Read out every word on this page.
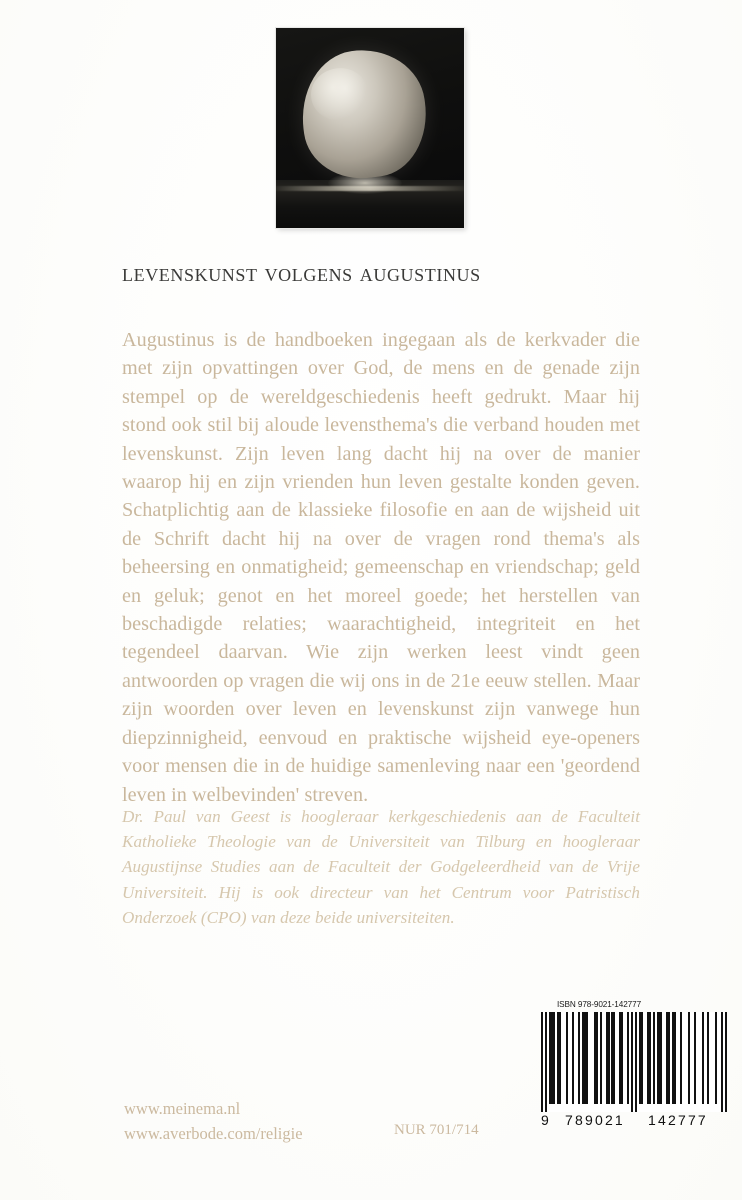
levenskunst volgens augustinus
Augustinus is de handboeken ingegaan als de kerkvader die met zijn opvattingen over God, de mens en de genade zijn stempel op de wereldgeschiedenis heeft gedrukt. Maar hij stond ook stil bij aloude levensthema's die verband houden met levenskunst. Zijn leven lang dacht hij na over de manier waarop hij en zijn vrienden hun leven gestalte konden geven. Schatplichtig aan de klassieke filosofie en aan de wijsheid uit de Schrift dacht hij na over de vragen rond thema's als beheersing en onmatigheid; gemeenschap en vriendschap; geld en geluk; genot en het moreel goede; het herstellen van beschadigde relaties; waarachtigheid, integriteit en het tegendeel daarvan. Wie zijn werken leest vindt geen antwoorden op vragen die wij ons in de 21e eeuw stellen. Maar zijn woorden over leven en levenskunst zijn vanwege hun diepzinnigheid, eenvoud en praktische wijsheid eye-openers voor mensen die in de huidige samenleving naar een 'geordend leven in welbevinden' streven.
Dr. Paul van Geest is hoogleraar kerkgeschiedenis aan de Faculteit Katholieke Theologie van de Universiteit van Tilburg en hoogleraar Augustijnse Studies aan de Faculteit der Godgeleerdheid van de Vrije Universiteit. Hij is ook directeur van het Centrum voor Patristisch Onderzoek (CPO) van deze beide universiteiten.
www.meinema.nl
www.averbode.com/religie	NUR 701/714
ISBN 978-9021-142777
9 789021 142777
